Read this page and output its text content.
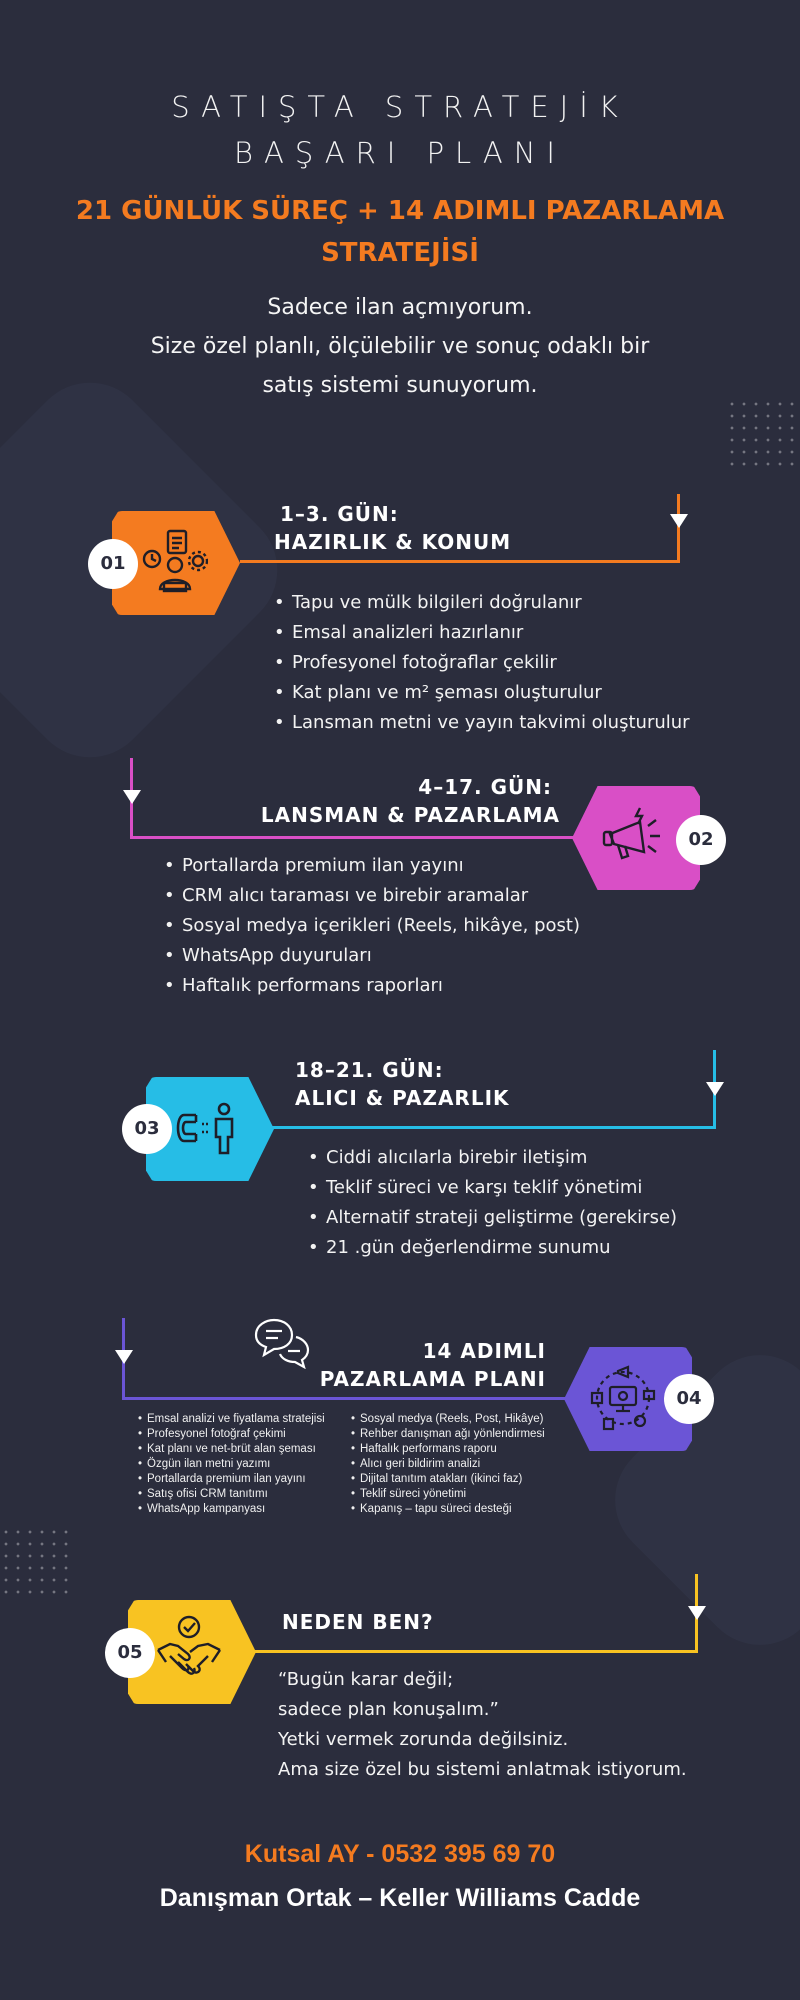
SATIŞTA STRATEJİK
BAŞARI PLANI
21 GÜNLÜK SÜREÇ + 14 ADIMLI PAZARLAMA
STRATEJİSİ
Sadece ilan açmıyorum.
Size özel planlı, ölçülebilir ve sonuç odaklı bir
satış sistemi sunuyorum.
01
1–3. GÜN:
HAZIRLIK & KONUM
• Tapu ve mülk bilgileri doğrulanır
• Emsal analizleri hazırlanır
• Profesyonel fotoğraflar çekilir
• Kat planı ve m² şeması oluşturulur
• Lansman metni ve yayın takvimi oluşturulur
02
4–17. GÜN:
LANSMAN & PAZARLAMA
• Portallarda premium ilan yayını
• CRM alıcı taraması ve birebir aramalar
• Sosyal medya içerikleri (Reels, hikâye, post)
• WhatsApp duyuruları
• Haftalık performans raporları
03
18–21. GÜN:
ALICI & PAZARLIK
• Ciddi alıcılarla birebir iletişim
• Teklif süreci ve karşı teklif yönetimi
• Alternatif strateji geliştirme (gerekirse)
• 21 .gün değerlendirme sunumu
04
14 ADIMLI
PAZARLAMA PLANI
• Emsal analizi ve fiyatlama stratejisi
• Profesyonel fotoğraf çekimi
• Kat planı ve net-brüt alan şeması
• Özgün ilan metni yazımı
• Portallarda premium ilan yayını
• Satış ofisi CRM tanıtımı
• WhatsApp kampanyası
• Sosyal medya (Reels, Post, Hikâye)
• Rehber danışman ağı yönlendirmesi
• Haftalık performans raporu
• Alıcı geri bildirim analizi
• Dijital tanıtım atakları (ikinci faz)
• Teklif süreci yönetimi
• Kapanış – tapu süreci desteği
05
NEDEN BEN?
“Bugün karar değil;
sadece plan konuşalım.”
Yetki vermek zorunda değilsiniz.
Ama size özel bu sistemi anlatmak istiyorum.
Kutsal AY - 0532 395 69 70
Danışman Ortak – Keller Williams Cadde
